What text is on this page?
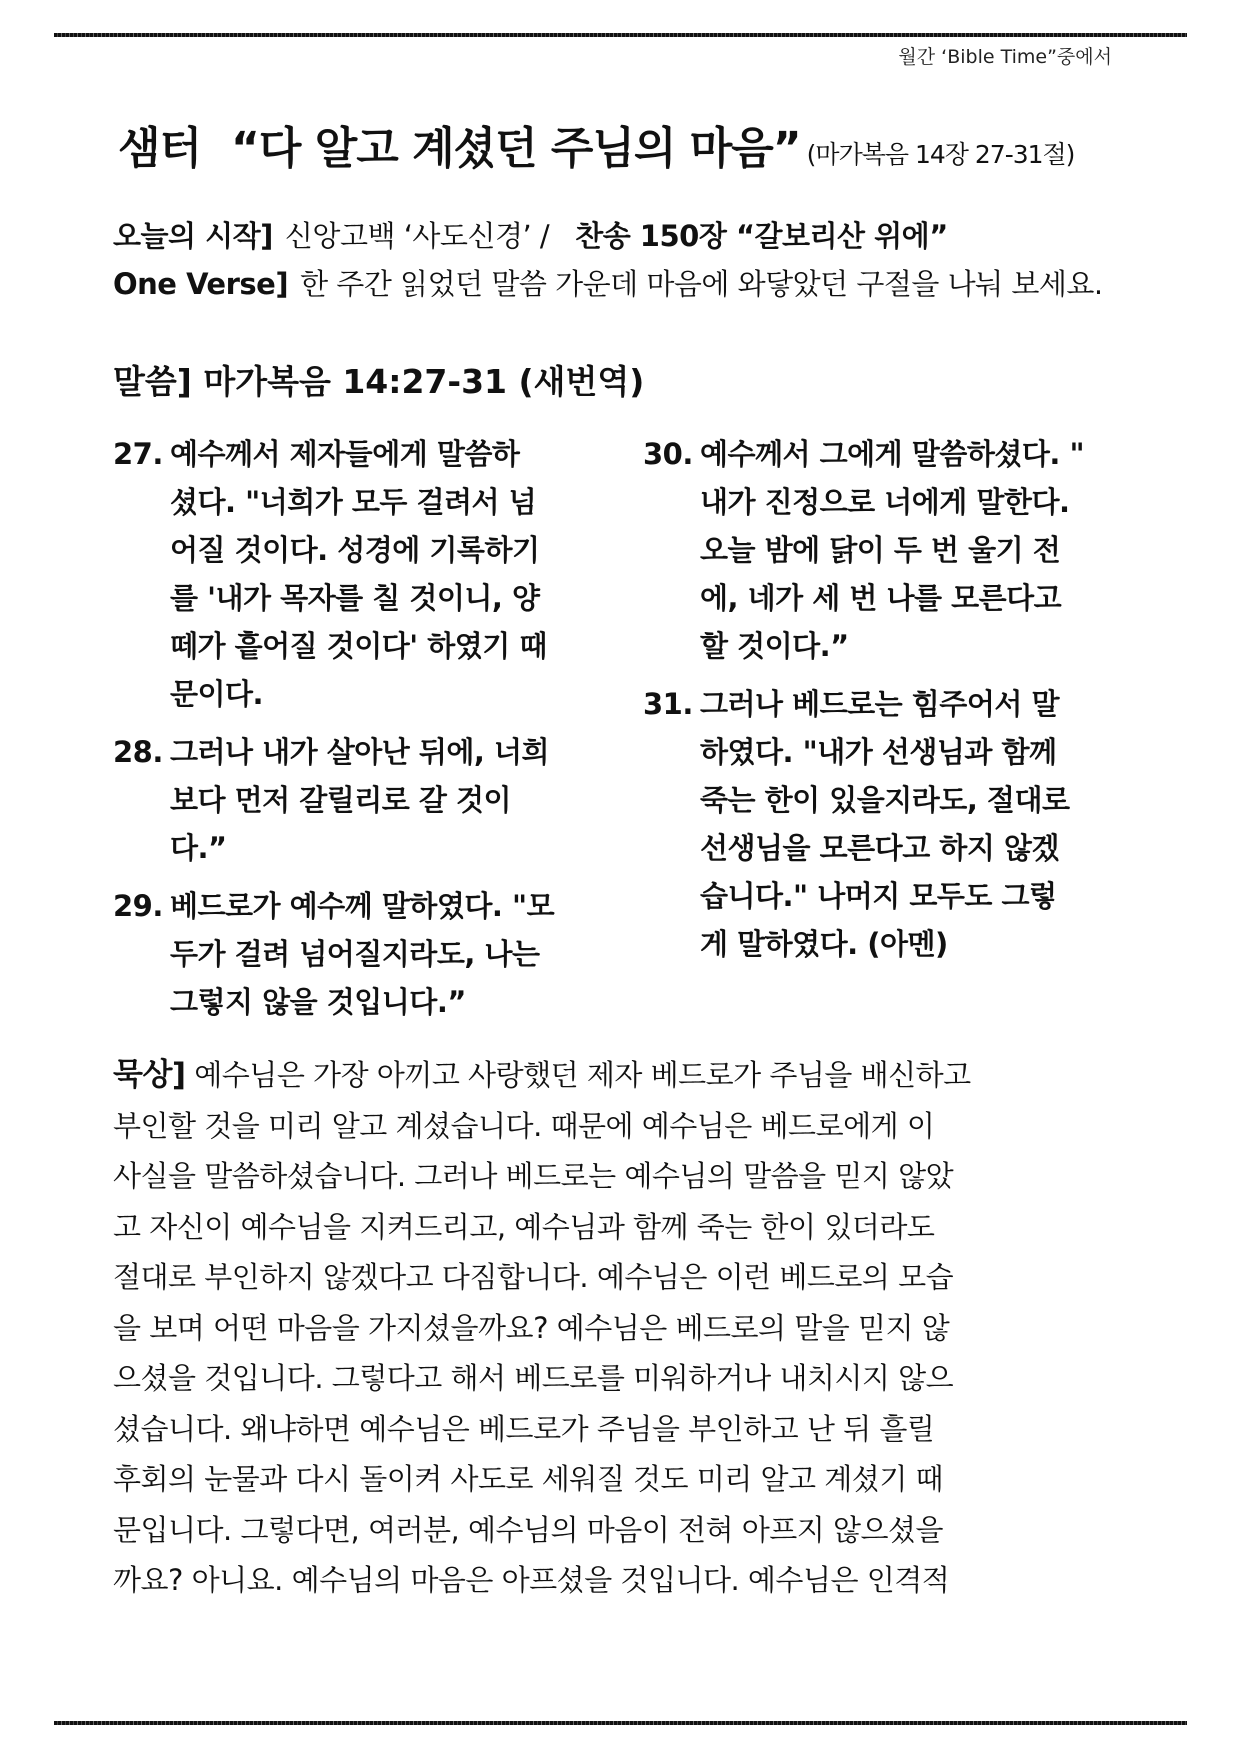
월간 ‘Bible Time”중에서
샘터 “다 알고 계셨던 주님의 마음” (마가복음 14장 27-31절)
오늘의 시작] 신앙고백 ‘사도신경’ / 찬송 150장 “갈보리산 위에”
One Verse] 한 주간 읽었던 말씀 가운데 마음에 와닿았던 구절을 나눠 보세요.
말씀] 마가복음 14:27-31 (새번역)
27. 예수께서 제자들에게 말씀하
셨다. "너희가 모두 걸려서 넘
어질 것이다. 성경에 기록하기
를 '내가 목자를 칠 것이니, 양
떼가 흩어질 것이다' 하였기 때
문이다.
28. 그러나 내가 살아난 뒤에, 너희
보다 먼저 갈릴리로 갈 것이
다.”
29. 베드로가 예수께 말하였다. "모
두가 걸려 넘어질지라도, 나는
그렇지 않을 것입니다.”
30. 예수께서 그에게 말씀하셨다. "
내가 진정으로 너에게 말한다.
오늘 밤에 닭이 두 번 울기 전
에, 네가 세 번 나를 모른다고
할 것이다.”
31. 그러나 베드로는 힘주어서 말
하였다. "내가 선생님과 함께
죽는 한이 있을지라도, 절대로
선생님을 모른다고 하지 않겠
습니다." 나머지 모두도 그렇
게 말하였다. (아멘)
묵상] 예수님은 가장 아끼고 사랑했던 제자 베드로가 주님을 배신하고
부인할 것을 미리 알고 계셨습니다. 때문에 예수님은 베드로에게 이
사실을 말씀하셨습니다. 그러나 베드로는 예수님의 말씀을 믿지 않았
고 자신이 예수님을 지켜드리고, 예수님과 함께 죽는 한이 있더라도
절대로 부인하지 않겠다고 다짐합니다. 예수님은 이런 베드로의 모습
을 보며 어떤 마음을 가지셨을까요? 예수님은 베드로의 말을 믿지 않
으셨을 것입니다. 그렇다고 해서 베드로를 미워하거나 내치시지 않으
셨습니다. 왜냐하면 예수님은 베드로가 주님을 부인하고 난 뒤 흘릴
후회의 눈물과 다시 돌이켜 사도로 세워질 것도 미리 알고 계셨기 때
문입니다. 그렇다면, 여러분, 예수님의 마음이 전혀 아프지 않으셨을
까요? 아니요. 예수님의 마음은 아프셨을 것입니다. 예수님은 인격적
